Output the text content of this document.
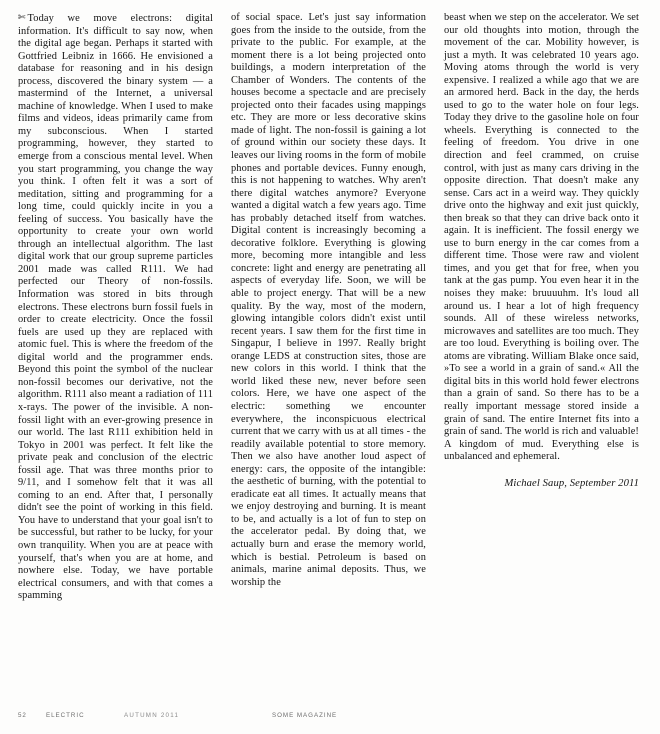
✄ Today we move electrons: digital information. It's difficult to say now, when the digital age began. Perhaps it started with Gottfried Leibniz in 1666. He envisioned a database for reasoning and in his design process, discovered the binary system — a mastermind of the Internet, a universal machine of knowledge. When I used to make films and videos, ideas primarily came from my subconscious. When I started programming, however, they started to emerge from a conscious mental level. When you start programming, you change the way you think. I often felt it was a sort of meditation, sitting and programming for a long time, could quickly incite in you a feeling of success. You basically have the opportunity to create your own world through an intellectual algorithm. The last digital work that our group supreme particles 2001 made was called R111. We had perfected our Theory of non-fossils. Information was stored in bits through electrons. These electrons burn fossil fuels in order to create electricity. Once the fossil fuels are used up they are replaced with atomic fuel. This is where the freedom of the digital world and the programmer ends. Beyond this point the symbol of the nuclear non-fossil becomes our derivative, not the algorithm. R111 also meant a radiation of 111 x-rays. The power of the invisible. A non-fossil light with an ever-growing presence in our world. The last R111 exhibition held in Tokyo in 2001 was perfect. It felt like the private peak and conclusion of the electric fossil age. That was three months prior to 9/11, and I somehow felt that it was all coming to an end. After that, I personally didn't see the point of working in this field. You have to understand that your goal isn't to be successful, but rather to be lucky, for your own tranquility. When you are at peace with yourself, that's when you are at home, and nowhere else. Today, we have portable electrical consumers, and with that comes a spamming

of social space. Let's just say information goes from the inside to the outside, from the private to the public. For example, at the moment there is a lot being projected onto buildings, a modern interpretation of the Chamber of Wonders. The contents of the houses become a spectacle and are precisely projected onto their facades using mappings etc. They are more or less decorative skins made of light. The non-fossil is gaining a lot of ground within our society these days. It leaves our living rooms in the form of mobile phones and portable devices. Funny enough, this is not happening to watches. Why aren't there digital watches anymore? Everyone wanted a digital watch a few years ago. Time has probably detached itself from watches. Digital content is increasingly becoming a decorative folklore. Everything is glowing more, becoming more intangible and less concrete: light and energy are penetrating all aspects of everyday life. Soon, we will be able to project energy. That will be a new quality. By the way, most of the modern, glowing intangible colors didn't exist until recent years. I saw them for the first time in Singapur, I believe in 1997. Really bright orange LEDS at construction sites, those are new colors in this world. I think that the world liked these new, never before seen colors. Here, we have one aspect of the electric: something we encounter everywhere, the inconspicuous electrical current that we carry with us at all times - the readily available potential to store memory. Then we also have another loud aspect of energy: cars, the opposite of the intangible: the aesthetic of burning, with the potential to eradicate eat all times. It actually means that we enjoy destroying and burning. It is meant to be, and actually is a lot of fun to step on the accelerator pedal. By doing that, we actually burn and erase the memory world, which is bestial. Petroleum is based on animals, marine animal deposits. Thus, we worship the

beast when we step on the accelerator. We set our old thoughts into motion, through the movement of the car. Mobility however, is just a myth. It was celebrated 10 years ago. Moving atoms through the world is very expensive. I realized a while ago that we are an armored herd. Back in the day, the herds used to go to the water hole on four legs. Today they drive to the gasoline hole on four wheels. Everything is connected to the feeling of freedom. You drive in one direction and feel crammed, on cruise control, with just as many cars driving in the opposite direction. That doesn't make any sense. Cars act in a weird way. They quickly drive onto the highway and exit just quickly, then break so that they can drive back onto it again. It is inefficient. The fossil energy we use to burn energy in the car comes from a different time. Those were raw and violent times, and you get that for free, when you tank at the gas pump. You even hear it in the noises they make: bruuuuhm. It's loud all around us. I hear a lot of high frequency sounds. All of these wireless networks, microwaves and satellites are too much. They are too loud. Everything is boiling over. The atoms are vibrating. William Blake once said, »To see a world in a grain of sand.« All the digital bits in this world hold fewer electrons than a grain of sand. So there has to be a really important message stored inside a grain of sand. The entire Internet fits into a grain of sand. The world is rich and valuable! A kingdom of mud. Everything else is unbalanced and ephemeral.

Michael Saup, September 2011
52	ELECTRIC	AUTUMN 2011	SOME MAGAZINE
